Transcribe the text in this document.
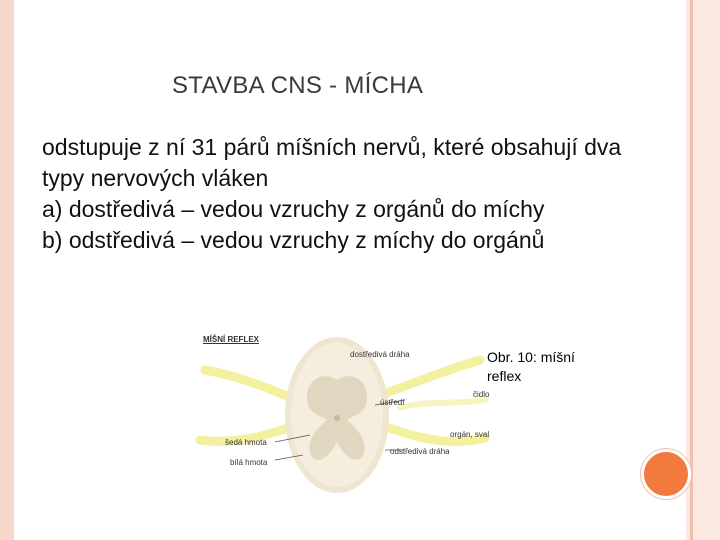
STAVBA CNS - MÍCHA

odstupuje z ní 31 párů míšních nervů, které obsahují dva typy nervových vláken

a) dostředivá – vedou vzruchy z orgánů do míchy

b) odstředivá – vedou vzruchy z míchy do orgánů

MÍŠNÍ REFLEX
dostředivá dráha
čidlo
ústředí
orgán, sval
šedá hmota
odstředivá dráha
bílá hmota
Obr. 10: míšní reflex
